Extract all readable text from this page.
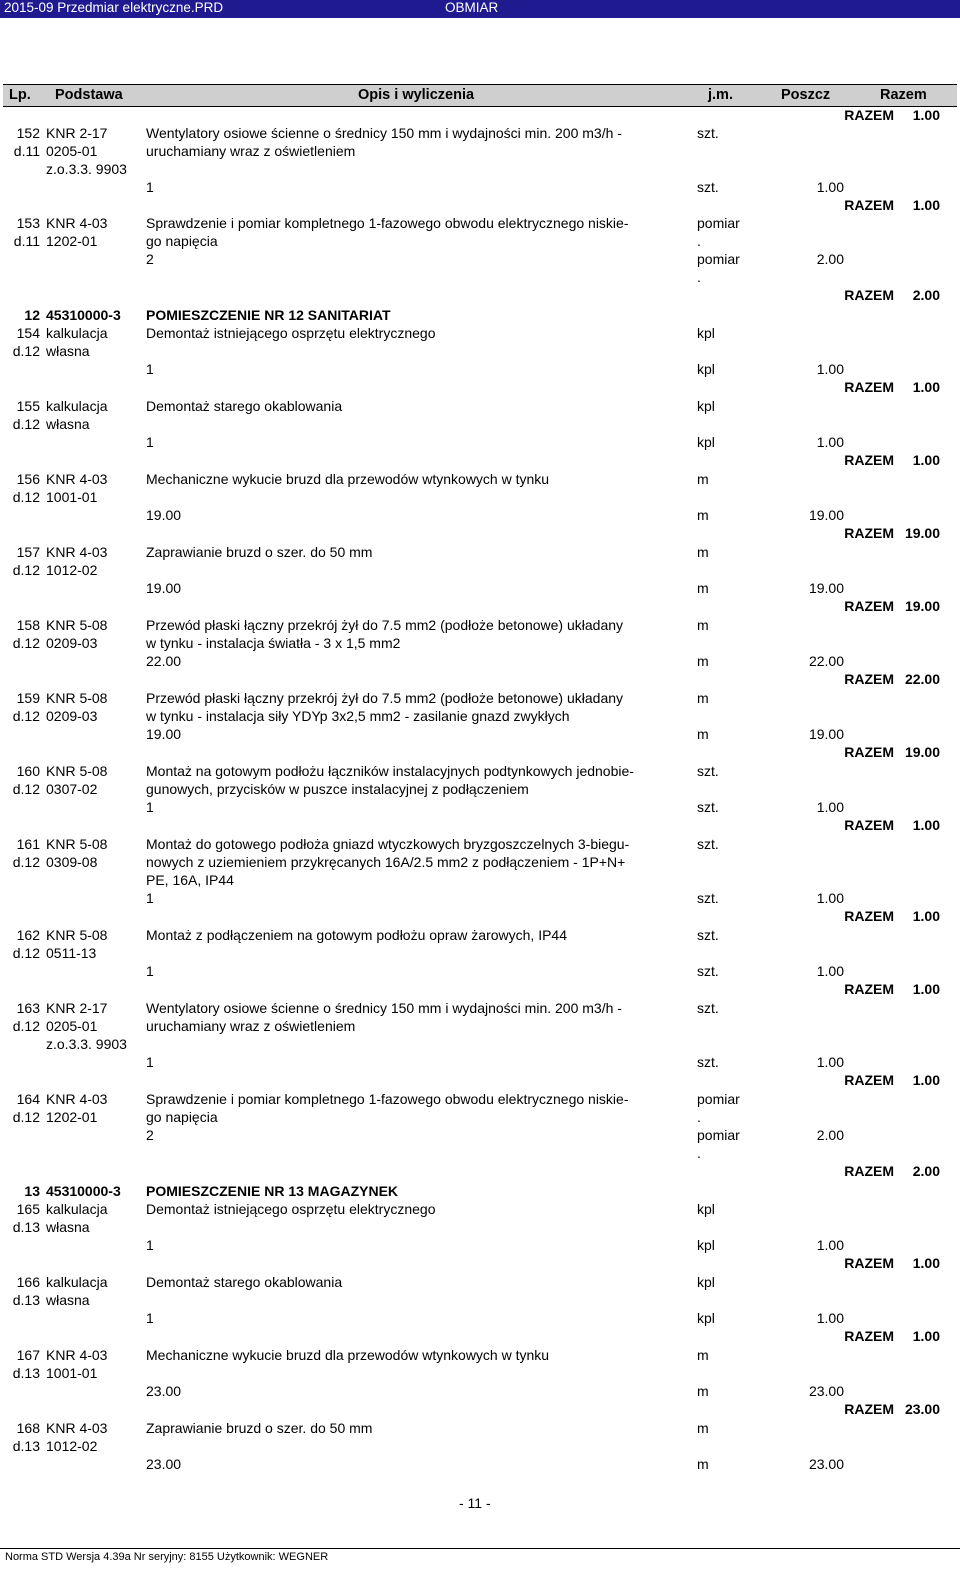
2015-09 Przedmiar elektryczne.PRD	OBMIAR
Lp. Podstawa	Opis i wyliczenia	j.m.	Poszcz	Razem
RAZEM 1.00
152 KNR 2-17	Wentylatory osiowe ścienne o średnicy 150 mm i wydajności min. 200 m3/h -	szt.
d.11 0205-01	uruchamiany wraz z oświetleniem
z.o.3.3. 9903
1	szt.	1.00
RAZEM 1.00
153 KNR 4-03	Sprawdzenie i pomiar kompletnego 1-fazowego obwodu elektrycznego niskie-	pomiar
d.11 1202-01	go napięcia	.
2	pomiar	2.00
.
RAZEM 2.00
12 45310000-3 POMIESZCZENIE NR 12 SANITARIAT
154 kalkulacja	Demontaż istniejącego osprzętu elektrycznego	kpl
d.12 własna
1	kpl	1.00
RAZEM 1.00
155 kalkulacja	Demontaż starego okablowania	kpl
d.12 własna
1	kpl	1.00
RAZEM 1.00
156 KNR 4-03	Mechaniczne wykucie bruzd dla przewodów wtynkowych w tynku	m
d.12 1001-01
19.00	m	19.00
RAZEM 19.00
157 KNR 4-03	Zaprawianie bruzd o szer. do 50 mm	m
d.12 1012-02
19.00	m	19.00
RAZEM 19.00
158 KNR 5-08	Przewód płaski łączny przekrój żył do 7.5 mm2 (podłoże betonowe) układany	m
d.12 0209-03	w tynku - instalacja światła - 3 x 1,5 mm2
22.00	m	22.00
RAZEM 22.00
159 KNR 5-08	Przewód płaski łączny przekrój żył do 7.5 mm2 (podłoże betonowe) układany	m
d.12 0209-03	w tynku - instalacja siły YDYp 3x2,5 mm2 - zasilanie gnazd zwykłych
19.00	m	19.00
RAZEM 19.00
160 KNR 5-08	Montaż na gotowym podłożu łączników instalacyjnych podtynkowych jednobie-	szt.
d.12 0307-02	gunowych, przycisków w puszce instalacyjnej z podłączeniem
1	szt.	1.00
RAZEM 1.00
161 KNR 5-08	Montaż do gotowego podłoża gniazd wtyczkowych bryzgoszczelnych 3-biegu-	szt.
d.12 0309-08	nowych z uziemieniem przykręcanych 16A/2.5 mm2 z podłączeniem - 1P+N+
PE, 16A, IP44
1	szt.	1.00
RAZEM 1.00
162 KNR 5-08	Montaż z podłączeniem na gotowym podłożu opraw żarowych, IP44	szt.
d.12 0511-13
1	szt.	1.00
RAZEM 1.00
163 KNR 2-17	Wentylatory osiowe ścienne o średnicy 150 mm i wydajności min. 200 m3/h -	szt.
d.12 0205-01	uruchamiany wraz z oświetleniem
z.o.3.3. 9903
1	szt.	1.00
RAZEM 1.00
164 KNR 4-03	Sprawdzenie i pomiar kompletnego 1-fazowego obwodu elektrycznego niskie-	pomiar
d.12 1202-01	go napięcia	.
2	pomiar	2.00
.
RAZEM 2.00
13 45310000-3 POMIESZCZENIE NR 13 MAGAZYNEK
165 kalkulacja	Demontaż istniejącego osprzętu elektrycznego	kpl
d.13 własna
1	kpl	1.00
RAZEM 1.00
166 kalkulacja	Demontaż starego okablowania	kpl
d.13 własna
1	kpl	1.00
RAZEM 1.00
167 KNR 4-03	Mechaniczne wykucie bruzd dla przewodów wtynkowych w tynku	m
d.13 1001-01
23.00	m	23.00
RAZEM 23.00
168 KNR 4-03	Zaprawianie bruzd o szer. do 50 mm	m
d.13 1012-02
23.00	m	23.00
- 11 -
Norma STD Wersja 4.39a Nr seryjny: 8155 Użytkownik: WEGNER
